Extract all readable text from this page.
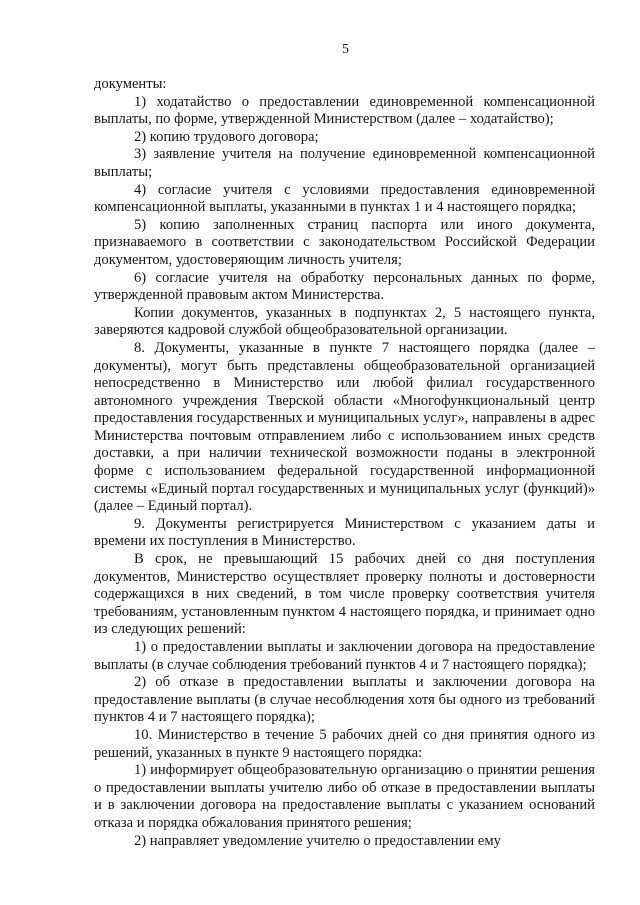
5

документы:

1) ходатайство о предоставлении единовременной компенсационной выплаты, по форме, утвержденной Министерством (далее – ходатайство);

2) копию трудового договора;

3) заявление учителя на получение единовременной компенсационной выплаты;

4) согласие учителя с условиями предоставления единовременной компенсационной выплаты, указанными в пунктах 1 и 4 настоящего порядка;

5) копию заполненных страниц паспорта или иного документа, признаваемого в соответствии с законодательством Российской Федерации документом, удостоверяющим личность учителя;

6) согласие учителя на обработку персональных данных по форме, утвержденной правовым актом Министерства.

Копии документов, указанных в подпунктах 2, 5 настоящего пункта, заверяются кадровой службой общеобразовательной организации.

8. Документы, указанные в пункте 7 настоящего порядка (далее – документы), могут быть представлены общеобразовательной организацией непосредственно в Министерство или любой филиал государственного автономного учреждения Тверской области «Многофункциональный центр предоставления государственных и муниципальных услуг», направлены в адрес Министерства почтовым отправлением либо с использованием иных средств доставки, а при наличии технической возможности поданы в электронной форме с использованием федеральной государственной информационной системы «Единый портал государственных и муниципальных услуг (функций)» (далее – Единый портал).

9. Документы регистрируется Министерством с указанием даты и времени их поступления в Министерство.

В срок, не превышающий 15 рабочих дней со дня поступления документов, Министерство осуществляет проверку полноты и достоверности содержащихся в них сведений, в том числе проверку соответствия учителя требованиям, установленным пунктом 4 настоящего порядка, и принимает одно из следующих решений:

1) о предоставлении выплаты и заключении договора на предоставление выплаты (в случае соблюдения требований пунктов 4 и 7 настоящего порядка);

2) об отказе в предоставлении выплаты и заключении договора на предоставление выплаты (в случае несоблюдения хотя бы одного из требований пунктов 4 и 7 настоящего порядка);

10. Министерство в течение 5 рабочих дней со дня принятия одного из решений, указанных в пункте 9 настоящего порядка:

1) информирует общеобразовательную организацию о принятии решения о предоставлении выплаты учителю либо об отказе в предоставлении выплаты и в заключении договора на предоставление выплаты с указанием оснований отказа и порядка обжалования принятого решения;

2) направляет уведомление учителю о предоставлении ему
